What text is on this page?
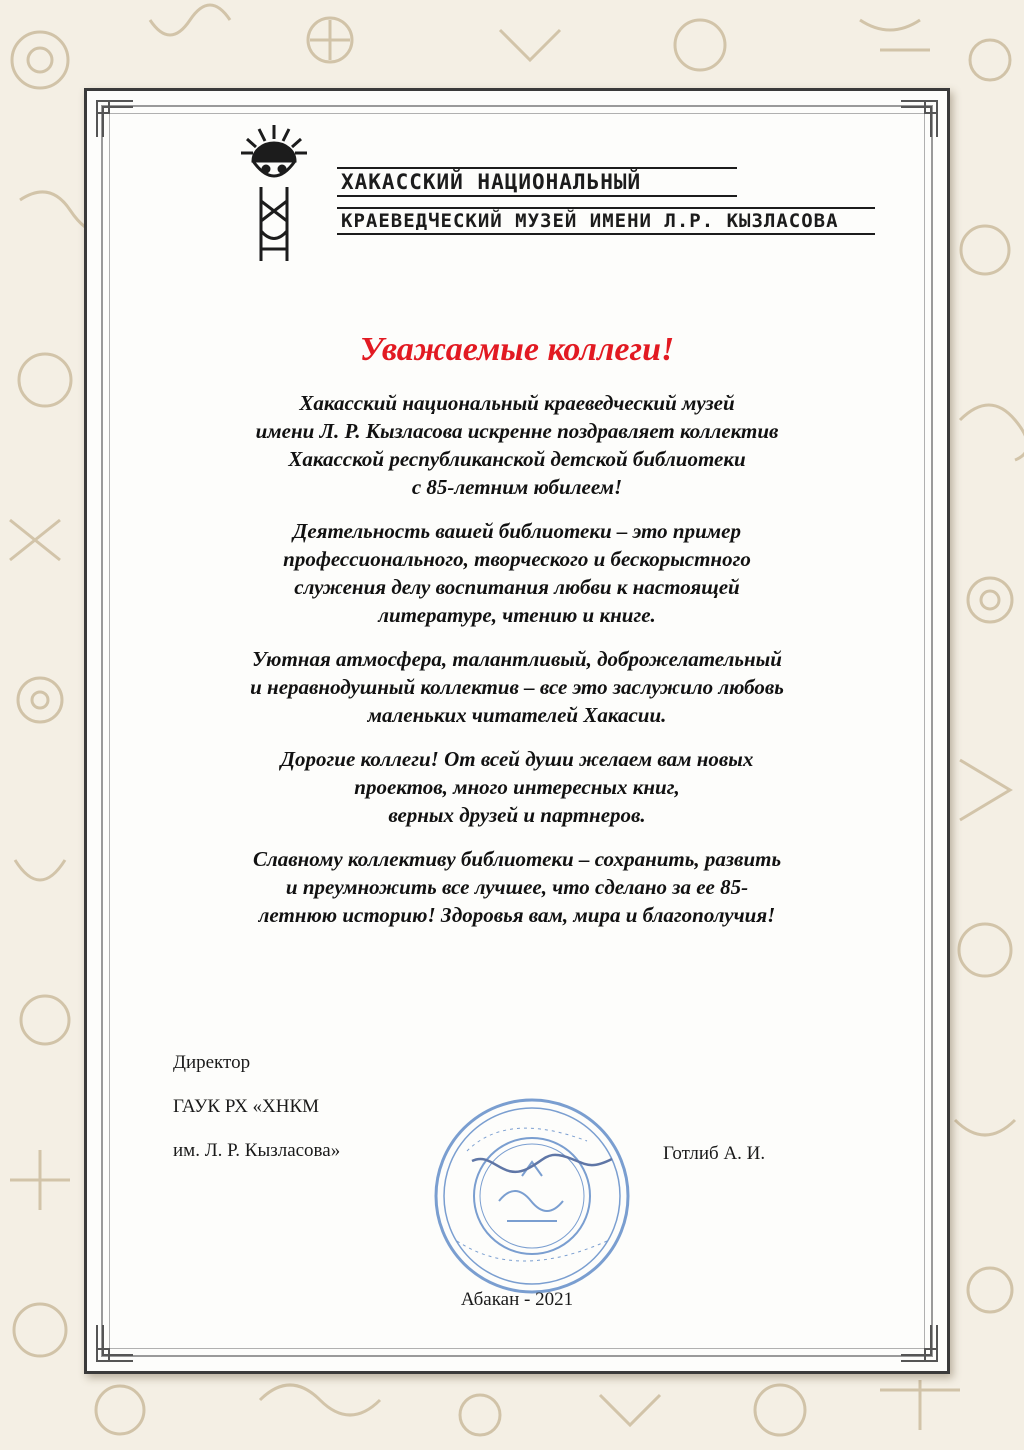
ХАКАССКИЙ НАЦИОНАЛЬНЫЙ
КРАЕВЕДЧЕСКИЙ МУЗЕЙ ИМЕНИ Л.Р. КЫЗЛАСОВА
Уважаемые коллеги!

Хакасский национальный краеведческий музей
имени Л. Р. Кызласова искренне поздравляет коллектив
Хакасской республиканской детской библиотеки
с 85-летним юбилеем!

Деятельность вашей библиотеки – это пример
профессионального, творческого и бескорыстного
служения делу воспитания любви к настоящей
литературе, чтению и книге.

Уютная атмосфера, талантливый, доброжелательный
и неравнодушный коллектив – все это заслужило любовь
маленьких читателей Хакасии.

Дорогие коллеги! От всей души желаем вам новых
проектов, много интересных книг,
верных друзей и партнеров.

Славному коллективу библиотеки – сохранить, развить
и преумножить все лучшее, что сделано за ее 85-
летнюю историю! Здоровья вам, мира и благополучия!

Директор
ГАУК РХ «ХНКМ
им. Л. Р. Кызласова»	Готлиб А. И.
Абакан - 2021
